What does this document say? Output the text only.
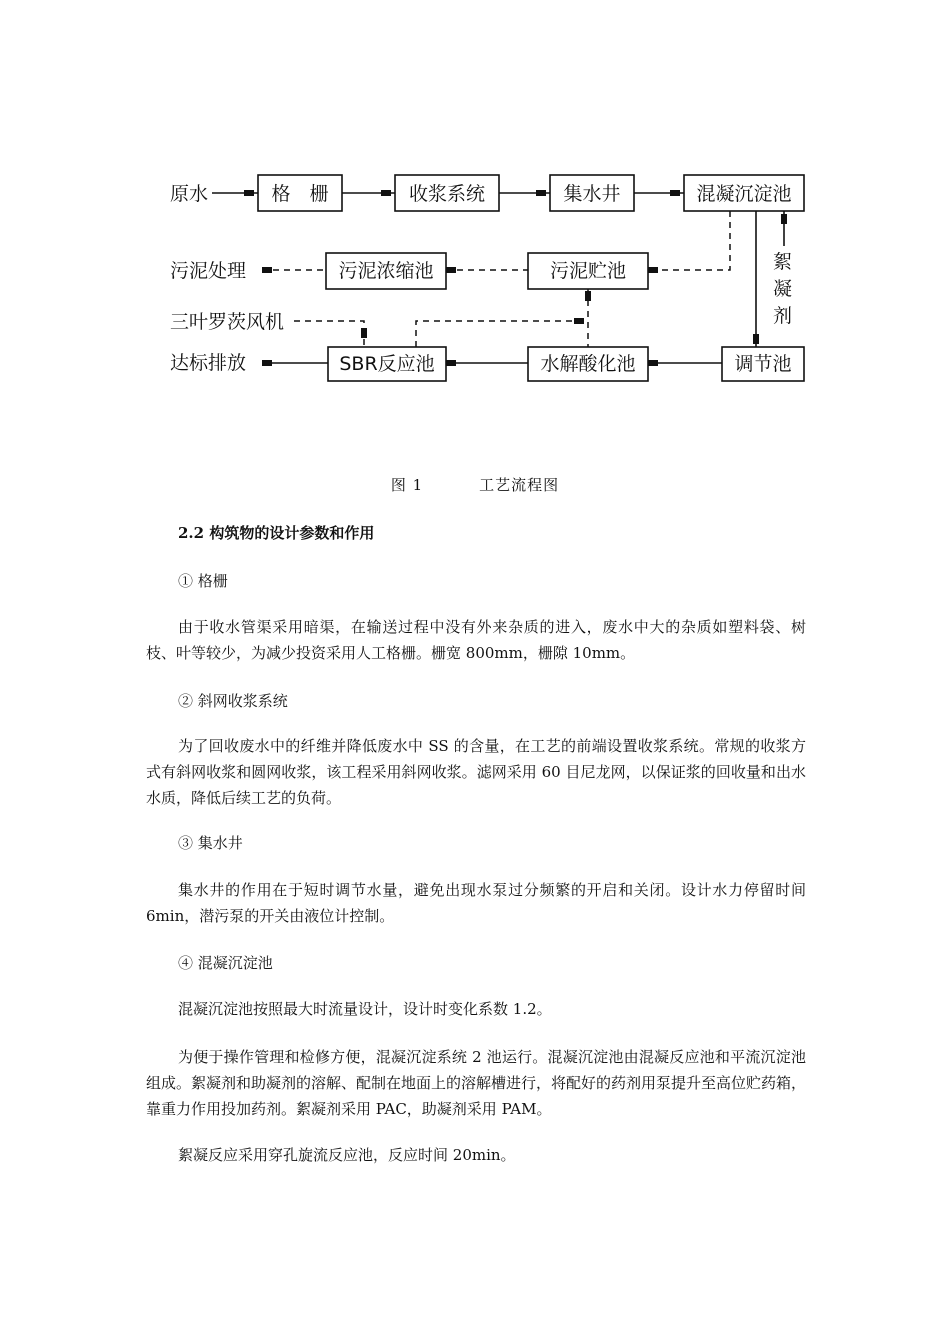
原水	格　栅	收浆系统	集水井	混凝沉淀池
污泥处理	污泥浓缩池	污泥贮池	絮
凝
剂
三叶罗茨风机
达标排放	SBR反应池	水解酸化池	调节池
图 1	工艺流程图
2.2 构筑物的设计参数和作用
① 格栅

由于收水管渠采用暗渠，在输送过程中没有外来杂质的进入，废水中大的杂质如塑料袋、树枝、叶等较少，为减少投资采用人工格栅。栅宽 800mm，栅隙 10mm。

② 斜网收浆系统

为了回收废水中的纤维并降低废水中 SS 的含量，在工艺的前端设置收浆系统。常规的收浆方式有斜网收浆和圆网收浆，该工程采用斜网收浆。滤网采用 60 目尼龙网，以保证浆的回收量和出水水质，降低后续工艺的负荷。

③ 集水井

集水井的作用在于短时调节水量，避免出现水泵过分频繁的开启和关闭。设计水力停留时间 6min，潜污泵的开关由液位计控制。

④ 混凝沉淀池

混凝沉淀池按照最大时流量设计，设计时变化系数 1.2。

为便于操作管理和检修方便，混凝沉淀系统 2 池运行。混凝沉淀池由混凝反应池和平流沉淀池组成。絮凝剂和助凝剂的溶解、配制在地面上的溶解槽进行，将配好的药剂用泵提升至高位贮药箱，靠重力作用投加药剂。絮凝剂采用 PAC，助凝剂采用 PAM。

絮凝反应采用穿孔旋流反应池，反应时间 20min。
